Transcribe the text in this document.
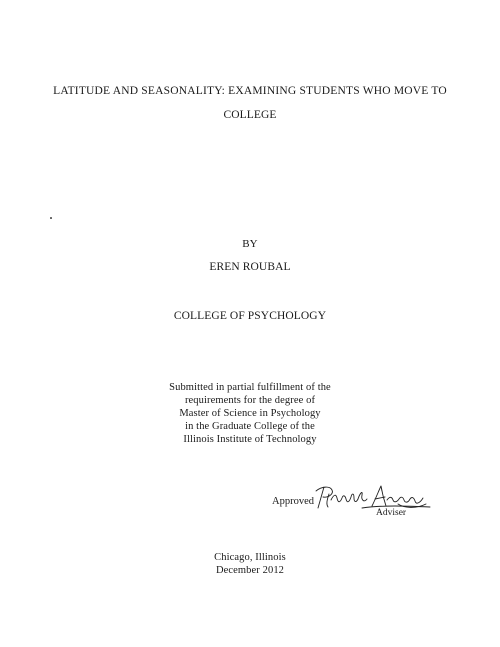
LATITUDE AND SEASONALITY: EXAMINING STUDENTS WHO MOVE TO
COLLEGE
BY
EREN ROUBAL
COLLEGE OF PSYCHOLOGY
Submitted in partial fulfillment of the
requirements for the degree of
Master of Science in Psychology
in the Graduate College of the
Illinois Institute of Technology
Approved
Adviser
Chicago, Illinois
December 2012
